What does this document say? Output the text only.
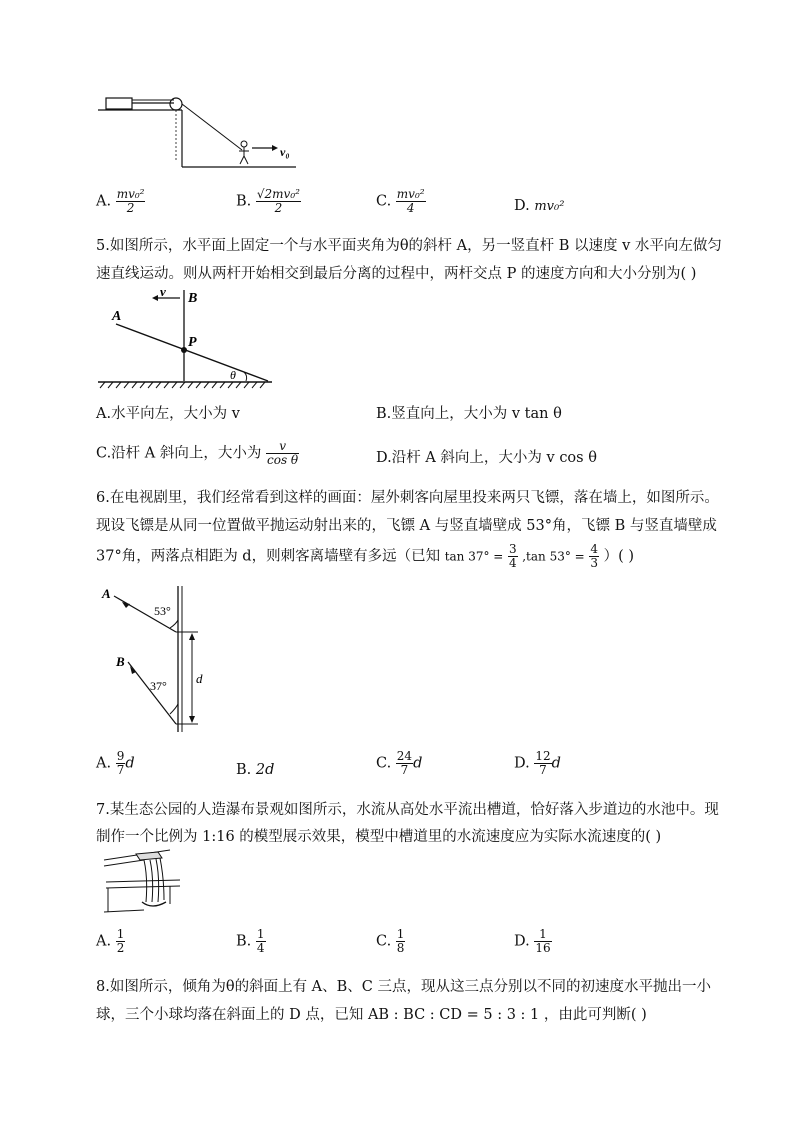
v₀
A. $\frac{\text{mv₀²}}{2}$	B. $\frac{\text{√2mv₀²}}{2}$	C. $\frac{\text{mv₀²}}{4}$	D. mv₀²
5.如图所示，水平面上固定一个与水平面夹角为θ的斜杆 A，另一竖直杆 B 以速度 v 水平向左做匀
速直线运动。则从两杆开始相交到最后分离的过程中，两杆交点 P 的速度方向和大小分别为( )
v B
A
P
θ
A.水平向左，大小为 v	B.竖直向上，大小为 v tan θ
C.沿杆 A 斜向上，大小为 $\frac{v}{\text{cos θ}}$	D.沿杆 A 斜向上，大小为 v cos θ
6.在电视剧里，我们经常看到这样的画面：屋外刺客向屋里投来两只飞镖，落在墙上，如图所示。
现设飞镖是从同一位置做平抛运动射出来的，飞镖 A 与竖直墙壁成 53°角，飞镖 B 与竖直墙壁成
37°角，两落点相距为 d，则刺客离墙壁有多远（已知 $\tan 37^\circ = \frac{3}{4} ,\tan$ $53^\circ = \frac{4}{3}$ ）( )
A
53°
B
37° d
A. $\frac{9}{7}$ d	B. 2d	C. $\frac{24}{7}$ d	D. $\frac{12}{7}$ d
7.某生态公园的人造瀑布景观如图所示，水流从高处水平流出槽道，恰好落入步道边的水池中。现
制作一个比例为 1:16 的模型展示效果，模型中槽道里的水流速度应为实际水流速度的( )
A. $\frac{1}{2}$	B. $\frac{1}{4}$	C. $\frac{1}{8}$	D. $\frac{1}{16}$
8.如图所示，倾角为θ的斜面上有 A、B、C 三点，现从这三点分别以不同的初速度水平抛出一小
球，三个小球均落在斜面上的 D 点，已知 AB : BC : CD = 5 : 3 : 1 ，由此可判断( )
